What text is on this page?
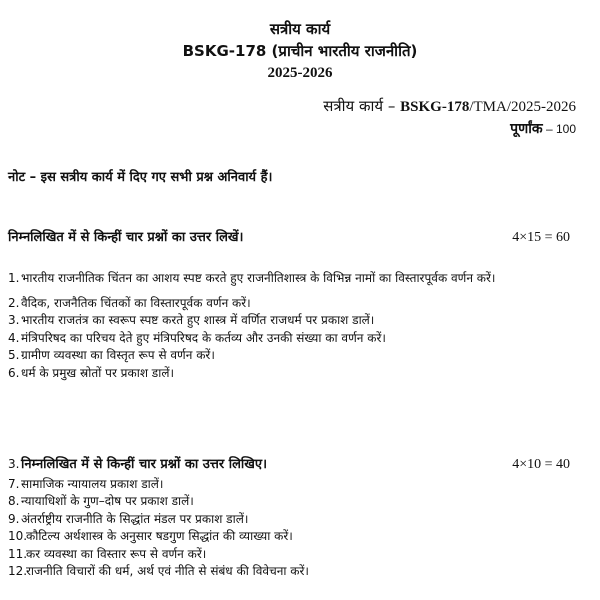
सत्रीय कार्य
BSKG-178 (प्राचीन भारतीय राजनीति)
2025-2026
सत्रीय कार्य – BSKG-178/TMA/2025-2026
पूर्णांक – 100
नोट – इस सत्रीय कार्य में दिए गए सभी प्रश्न अनिवार्य हैं।
निम्नलिखित में से किन्हीं चार प्रश्नों का उत्तर लिखें।	4×15 = 60
1. भारतीय राजनीतिक चिंतन का आशय स्पष्ट करते हुए राजनीतिशास्त्र के विभिन्न नामों का विस्तारपूर्वक वर्णन करें।
2. वैदिक, राजनैतिक चिंतकों का विस्तारपूर्वक वर्णन करें।
3. भारतीय राजतंत्र का स्वरूप स्पष्ट करते हुए शास्त्र में वर्णित राजधर्म पर प्रकाश डालें।
4. मंत्रिपरिषद का परिचय देते हुए मंत्रिपरिषद के कर्तव्य और उनकी संख्या का वर्णन करें।
5. ग्रामीण व्यवस्था का विस्तृत रूप से वर्णन करें।
6. धर्म के प्रमुख स्रोतों पर प्रकाश डालें।
3. निम्नलिखित में से किन्हीं चार प्रश्नों का उत्तर लिखिए।	4×10 = 40
7. सामाजिक न्यायालय प्रकाश डालें।
8. न्यायाधिशों के गुण–दोष पर प्रकाश डालें।
9. अंतर्राष्ट्रीय राजनीति के सिद्धांत मंडल पर प्रकाश डालें।
10.
कौटिल्य अर्थशास्त्र के अनुसार षडगुण सिद्धांत की व्याख्या करें।
11.
कर व्यवस्था का विस्तार रूप से वर्णन करें।
12.
राजनीति विचारों की धर्म, अर्थ एवं नीति से संबंध की विवेचना करें।
